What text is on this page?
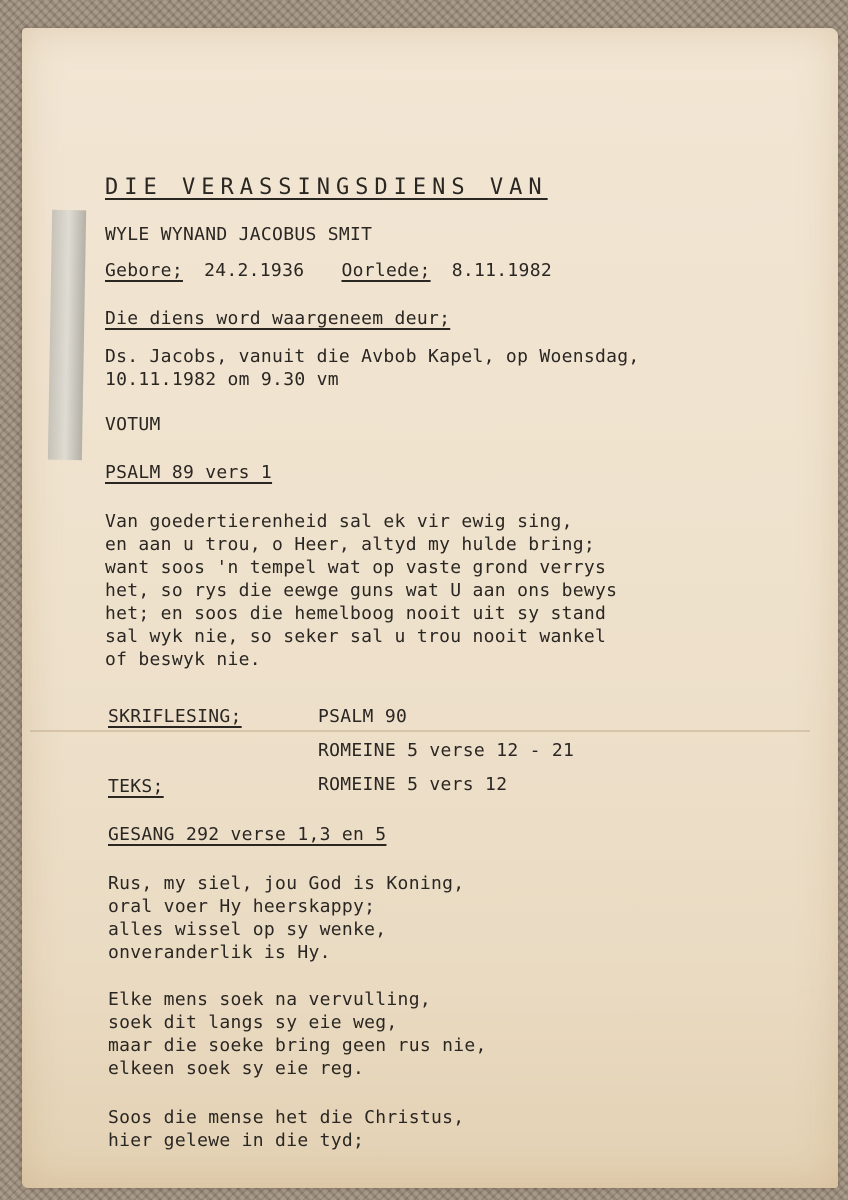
DIE VERASSINGSDIENS VAN
WYLE WYNAND JACOBUS SMIT
Gebore; 24.2.1936 Oorlede; 8.11.1982
Die diens word waargeneem deur;
Ds. Jacobs, vanuit die Avbob Kapel, op Woensdag,
10.11.1982 om 9.30 vm
VOTUM
PSALM 89 vers 1
Van goedertierenheid sal ek vir ewig sing,
en aan u trou, o Heer, altyd my hulde bring;
want soos 'n tempel wat op vaste grond verrys
het, so rys die eewge guns wat U aan ons bewys
het; en soos die hemelboog nooit uit sy stand
sal wyk nie, so seker sal u trou nooit wankel
of beswyk nie.
SKRIFLESING;	PSALM 90
ROMEINE 5 verse 12 - 21
TEKS;	ROMEINE 5 vers 12
GESANG 292 verse 1,3 en 5
Rus, my siel, jou God is Koning,
oral voer Hy heerskappy;
alles wissel op sy wenke,
onveranderlik is Hy.
Elke mens soek na vervulling,
soek dit langs sy eie weg,
maar die soeke bring geen rus nie,
elkeen soek sy eie reg.
Soos die mense het die Christus,
hier gelewe in die tyd;
